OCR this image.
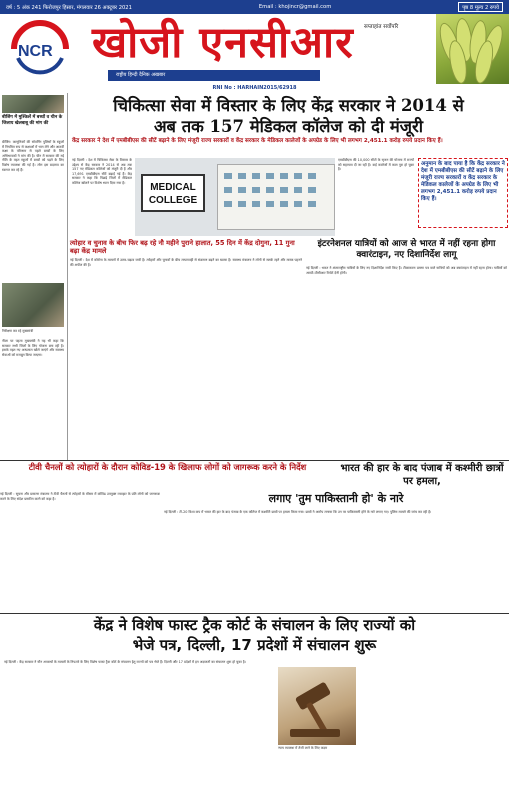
वर्ष : 5 अंक 241 फिरोजपुर हिसार, मंगलवार 26 अक्टूबर 2021	Email : khojincr@gmail.com	पृष्ठ 8 मूल्य 2 रुपये
NCR खोजी एनसीआर	सप्ताहांत सर्वोपरि
राष्ट्रीय हिन्दी दैनिक अखबार
RNI No : HARHAIN2015/62918
बीजिंग में मुश्किलें में बच्चों व चीन के जिलाय खेलबाबू की मांग की
बीजिंग: कम्युनिस्टों की सोवर्निंग पुलिसों के स्कूलों में नियमित रूप से कक्षाओं में भाग लेने और आठवीं कक्षा के परिणाम से पहले बच्चों के लिए अभिभावकों ने मांग की है। चीन में सरकार की नई नीति के तहत स्कूलों में बच्चों को पढ़ने के लिए विशेष व्यवस्था की गई है। लोग इस बदलाव का स्वागत कर रहे हैं।
निरीक्षण कर रहे मुख्यमंत्री
नीला पर पहला मुख्यमंत्री ने यह भी कहा कि सरकार सभी जिलों के लिए योजना बना रही है। इसके तहत नए अस्पताल खोले जाएंगे और स्वास्थ्य सेवाओं को मजबूत किया जाएगा।
चिकित्सा सेवा में विस्तार के लिए केंद्र सरकार ने 2014 से
अब तक 157 मेडिकल कॉलेज को दी मंजूरी
केंद्र सरकार ने देश में एमबीबीएस की सीटें बढ़ाने के लिए मंजूरी राज्य सरकारों व केंद्र सरकार के मेडिकल कालेजों के अपग्रेड के लिए भी लगभग 2,451.1 करोड़ रुपये प्रदान किए हैं।
नई दिल्ली : देश में चिकित्सा सेवा के विस्तार के उद्देश्य से केंद्र सरकार ने 2014 से अब तक 157 नए मेडिकल कॉलेजों को मंजूरी दी है और 17,691 एमबीबीएस सीटें बढ़ाई गई हैं। केंद्र सरकार ने कहा कि पिछड़े जिलों में मेडिकल कॉलेज खोलने पर विशेष ध्यान दिया गया है।	MEDICAL COLLEGE
एमबीबीएस की 10,000 सीटों के सृजन की योजना में राज्यों को सहायता दी जा रही है। कई कालेजों में काम पूरा हो चुका है।
अनुमान के बाद पाया है कि केंद्र सरकार ने देश में एमबीबीएस की सीटें बढ़ाने के लिए मंजूरी राज्य सरकारों व केंद्र सरकार के मेडिकल कालेजों के अपग्रेड के लिए भी लगभग 2,451.1 करोड़ रुपये प्रदान किए हैं।
त्योहार व चुनाव के बीच फिर बढ़ रहे नौ महीने पुराने हालात, 55 दिन में केंद्र दोगुना, 11 गुना बढ़ा केंद्र मामले
नई दिल्ली : देश में कोरोना के मामलों में उतार-चढ़ाव जारी है। त्योहारों और चुनावों के बीच लापरवाही से संक्रमण बढ़ने का खतरा है। स्वास्थ्य मंत्रालय ने लोगों से सतर्क रहने और मास्क पहनने की अपील की है।
इंटरनेशनल यात्रियों को आज से भारत में नहीं रहना होगा क्वारंटाइन, नए दिशानिर्देश लागू
नई दिल्ली : भारत ने अंतरराष्ट्रीय यात्रियों के लिए नए दिशानिर्देश जारी किए हैं। टीकाकरण प्रमाण पत्र वाले यात्रियों को अब क्वारंटाइन में नहीं रहना होगा। यात्रियों को आरटी-पीसीआर रिपोर्ट देनी होगी।
टीवी चैनलों को त्योहारों के दौरान कोविड-19 के खिलाफ लोगों को जागरूक करने के निर्देश
नई दिल्ली : सूचना और प्रसारण मंत्रालय ने टीवी चैनलों से त्योहारों के मौसम में कोविड उपयुक्त व्यवहार के प्रति लोगों को जागरूक करने के लिए संदेश प्रसारित करने को कहा है।
भारत की हार के बाद पंजाब में कश्मीरी छात्रों पर हमला,
लगाए 'तुम पाकिस्तानी हो' के नारे
नई दिल्ली : टी-20 विश्व कप में भारत की हार के बाद पंजाब के एक कॉलेज में कश्मीरी छात्रों पर हमला किया गया। छात्रों ने आरोप लगाया कि उन पर पाकिस्तानी होने के नारे लगाए गए। पुलिस मामले की जांच कर रही है।
केंद्र ने विशेष फास्ट ट्रैक कोर्ट के संचालन के लिए राज्यों को
भेजे पत्र, दिल्ली, 17 प्रदेशों में संचालन शुरू
नई दिल्ली : केंद्र सरकार ने यौन अपराधों के मामलों के निपटारे के लिए विशेष फास्ट ट्रैक कोर्ट के संचालन हेतु राज्यों को पत्र भेजे हैं। दिल्ली और 17 प्रदेशों में इन अदालतों का संचालन शुरू हो चुका है।
न्याय व्यवस्था में तेजी लाने के लिए कदम
